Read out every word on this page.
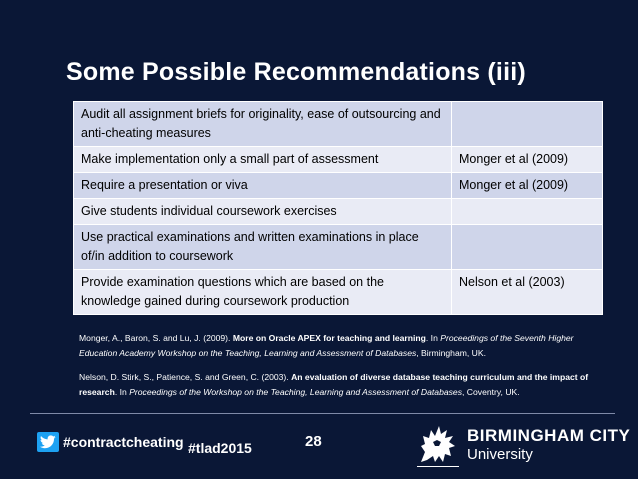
Some Possible Recommendations (iii)
Audit all assignment briefs for originality, ease of outsourcing and anti-cheating measures	
Make implementation only a small part of assessment	Monger et al (2009)
Require a presentation or viva	Monger et al (2009)
Give students individual coursework exercises	
Use practical examinations and written examinations in place of/in addition to coursework	
Provide examination questions which are based on the knowledge gained during coursework production	Nelson et al (2003)

Monger, A., Baron, S. and Lu, J. (2009). More on Oracle APEX for teaching and learning. In Proceedings of the Seventh Higher Education Academy Workshop on the Teaching, Learning and Assessment of Databases, Birmingham, UK.

Nelson, D. Stirk, S., Patience, S. and Green, C. (2003). An evaluation of diverse database teaching curriculum and the impact of research. In Proceedings of the Workshop on the Teaching, Learning and Assessment of Databases, Coventry, UK.

#contractcheating #tlad2015	28	BIRMINGHAM CITY
University
